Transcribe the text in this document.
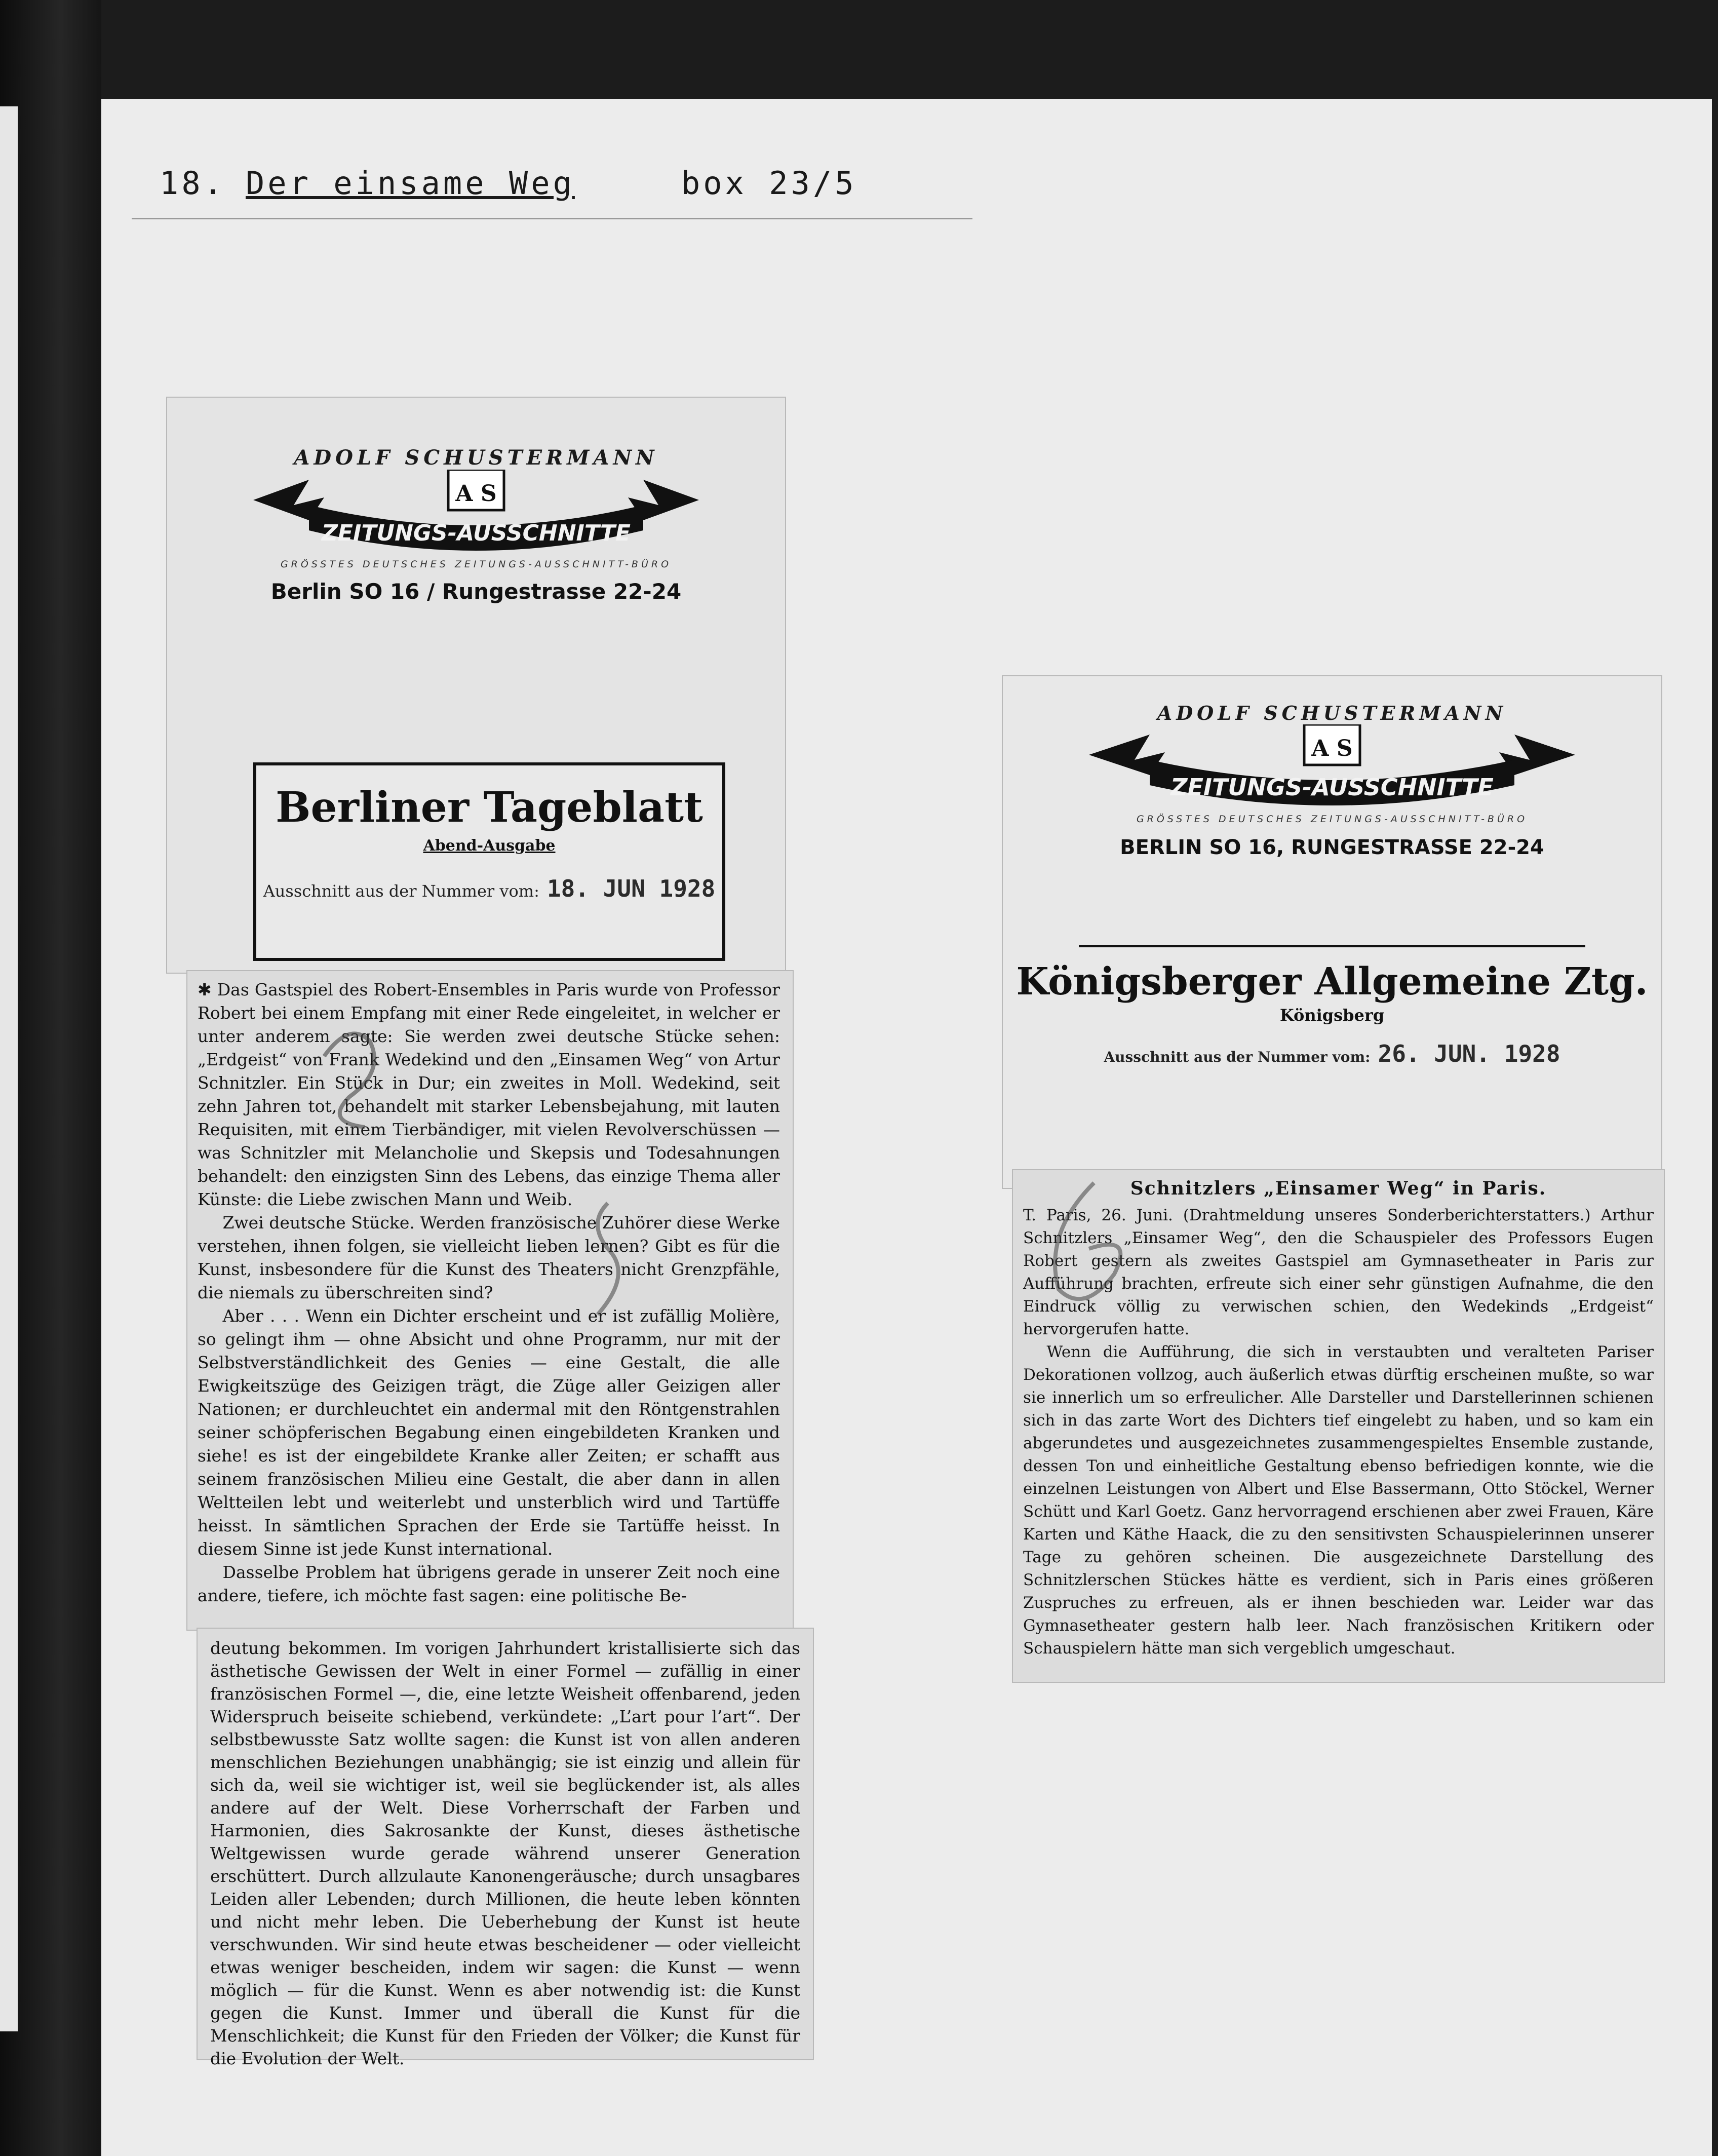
18. Der einsame Weg	box 23/5
ADOLF SCHUSTERMANN
A S
ZEITUNGS-AUSSCHNITTE
GRÖSSTES DEUTSCHES ZEITUNGS-AUSSCHNITT-BÜRO
Berlin SO 16 / Rungestrasse 22-24
Berliner Tageblatt
Abend-Ausgabe
Ausschnitt aus der Nummer vom: 18. JUN 1928

✱ Das Gastspiel des Robert-Ensembles in Paris wurde von Professor Robert bei einem Empfang mit einer Rede eingeleitet, in welcher er unter anderem sagte: Sie werden zwei deutsche Stücke sehen: „Erdgeist“ von Frank Wedekind und den „Einsamen Weg“ von Artur Schnitzler. Ein Stück in Dur; ein zweites in Moll. Wedekind, seit zehn Jahren tot, behandelt mit starker Lebensbejahung, mit lauten Requisiten, mit einem Tierbändiger, mit vielen Revolverschüssen — was Schnitzler mit Melancholie und Skepsis und Todesahnungen behandelt: den einzigsten Sinn des Lebens, das einzige Thema aller Künste: die Liebe zwischen Mann und Weib.

Zwei deutsche Stücke. Werden französische Zuhörer diese Werke verstehen, ihnen folgen, sie vielleicht lieben lernen? Gibt es für die Kunst, insbesondere für die Kunst des Theaters nicht Grenzpfähle, die niemals zu überschreiten sind?

Aber . . . Wenn ein Dichter erscheint und er ist zufällig Molière, so gelingt ihm — ohne Absicht und ohne Programm, nur mit der Selbstverständlichkeit des Genies — eine Gestalt, die alle Ewigkeitszüge des Geizigen trägt, die Züge aller Geizigen aller Nationen; er durchleuchtet ein andermal mit den Röntgenstrahlen seiner schöpferischen Begabung einen eingebildeten Kranken und siehe! es ist der eingebildete Kranke aller Zeiten; er schafft aus seinem französischen Milieu eine Gestalt, die aber dann in allen Weltteilen lebt und weiterlebt und unsterblich wird und Tartüffe heisst. In sämtlichen Sprachen der Erde sie Tartüffe heisst. In diesem Sinne ist jede Kunst international.

Dasselbe Problem hat übrigens gerade in unserer Zeit noch eine andere, tiefere, ich möchte fast sagen: eine politische Be-

deutung bekommen. Im vorigen Jahrhundert kristallisierte sich das ästhetische Gewissen der Welt in einer Formel — zufällig in einer französischen Formel —, die, eine letzte Weisheit offenbarend, jeden Widerspruch beiseite schiebend, verkündete: „L’art pour l’art“. Der selbstbewusste Satz wollte sagen: die Kunst ist von allen anderen menschlichen Beziehungen unabhängig; sie ist einzig und allein für sich da, weil sie wichtiger ist, weil sie beglückender ist, als alles andere auf der Welt. Diese Vorherrschaft der Farben und Harmonien, dies Sakrosankte der Kunst, dieses ästhetische Weltgewissen wurde gerade während unserer Generation erschüttert. Durch allzulaute Kanonengeräusche; durch unsagbares Leiden aller Lebenden; durch Millionen, die heute leben könnten und nicht mehr leben. Die Ueberhebung der Kunst ist heute verschwunden. Wir sind heute etwas bescheidener — oder vielleicht etwas weniger bescheiden, indem wir sagen: die Kunst — wenn möglich — für die Kunst. Wenn es aber notwendig ist: die Kunst gegen die Kunst. Immer und überall die Kunst für die Menschlichkeit; die Kunst für den Frieden der Völker; die Kunst für die Evolution der Welt.

ADOLF SCHUSTERMANN
A S
ZEITUNGS-AUSSCHNITTE
GRÖSSTES DEUTSCHES ZEITUNGS-AUSSCHNITT-BÜRO
BERLIN SO 16, RUNGESTRASSE 22-24
Königsberger Allgemeine Ztg.
Königsberg
Ausschnitt aus der Nummer vom: 26. JUN. 1928

Schnitzlers „Einsamer Weg“ in Paris.

T. Paris, 26. Juni. (Drahtmeldung unseres Sonderberichterstatters.) Arthur Schnitzlers „Einsamer Weg“, den die Schauspieler des Professors Eugen Robert gestern als zweites Gastspiel am Gymnasetheater in Paris zur Aufführung brachten, erfreute sich einer sehr günstigen Aufnahme, die den Eindruck völlig zu verwischen schien, den Wedekinds „Erdgeist“ hervorgerufen hatte.

Wenn die Aufführung, die sich in verstaubten und veralteten Pariser Dekorationen vollzog, auch äußerlich etwas dürftig erscheinen mußte, so war sie innerlich um so erfreulicher. Alle Darsteller und Darstellerinnen schienen sich in das zarte Wort des Dichters tief eingelebt zu haben, und so kam ein abgerundetes und ausgezeichnetes zusammengespieltes Ensemble zustande, dessen Ton und einheitliche Gestaltung ebenso befriedigen konnte, wie die einzelnen Leistungen von Albert und Else Bassermann, Otto Stöckel, Werner Schütt und Karl Goetz. Ganz hervorragend erschienen aber zwei Frauen, Käre Karten und Käthe Haack, die zu den sensitivsten Schauspielerinnen unserer Tage zu gehören scheinen. Die ausgezeichnete Darstellung des Schnitzlerschen Stückes hätte es verdient, sich in Paris eines größeren Zuspruches zu erfreuen, als er ihnen beschieden war. Leider war das Gymnasetheater gestern halb leer. Nach französischen Kritikern oder Schauspielern hätte man sich vergeblich umgeschaut.
